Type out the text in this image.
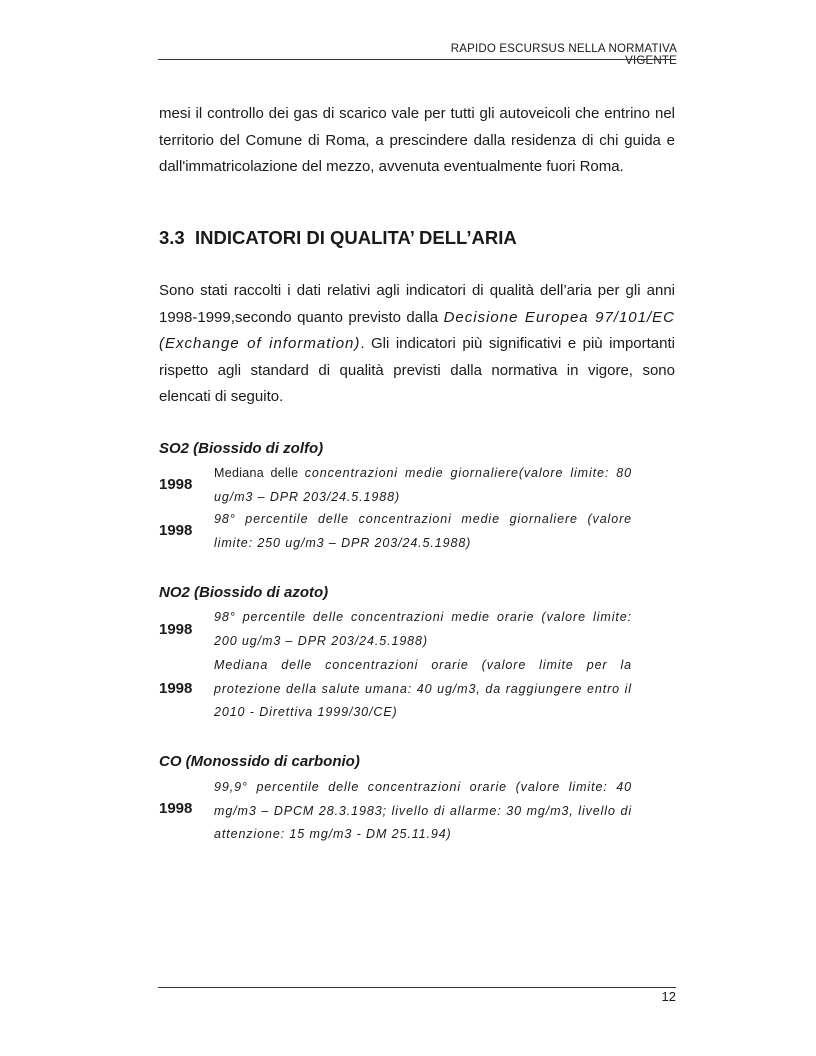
RAPIDO ESCURSUS NELLA NORMATIVA VIGENTE
mesi il controllo dei gas di scarico vale per tutti gli autoveicoli che entrino nel territorio del Comune di Roma, a prescindere dalla residenza di chi guida e dall'immatricolazione del mezzo, avvenuta eventualmente fuori Roma.
3.3 INDICATORI DI QUALITA’ DELL’ARIA
Sono stati raccolti i dati relativi agli indicatori di qualità dell’aria per gli anni 1998-1999,secondo quanto previsto dalla Decisione Europea 97/101/EC (Exchange of information). Gli indicatori più significativi e più importanti rispetto agli standard di qualità previsti dalla normativa in vigore, sono elencati di seguito.
SO2 (Biossido di zolfo)
1998
Mediana delle concentrazioni medie giornaliere(valore limite: 80 ug/m3 – DPR 203/24.5.1988)
1998
98° percentile delle concentrazioni medie giornaliere (valore limite: 250 ug/m3 – DPR 203/24.5.1988)
NO2 (Biossido di azoto)
1998
98° percentile delle concentrazioni medie orarie (valore limite: 200 ug/m3 – DPR 203/24.5.1988)
1998
Mediana delle concentrazioni orarie (valore limite per la protezione della salute umana: 40 ug/m3, da raggiungere entro il 2010 - Direttiva 1999/30/CE)
CO (Monossido di carbonio)
1998
99,9° percentile delle concentrazioni orarie (valore limite: 40 mg/m3 – DPCM 28.3.1983; livello di allarme: 30 mg/m3, livello di attenzione: 15 mg/m3 - DM 25.11.94)
12
